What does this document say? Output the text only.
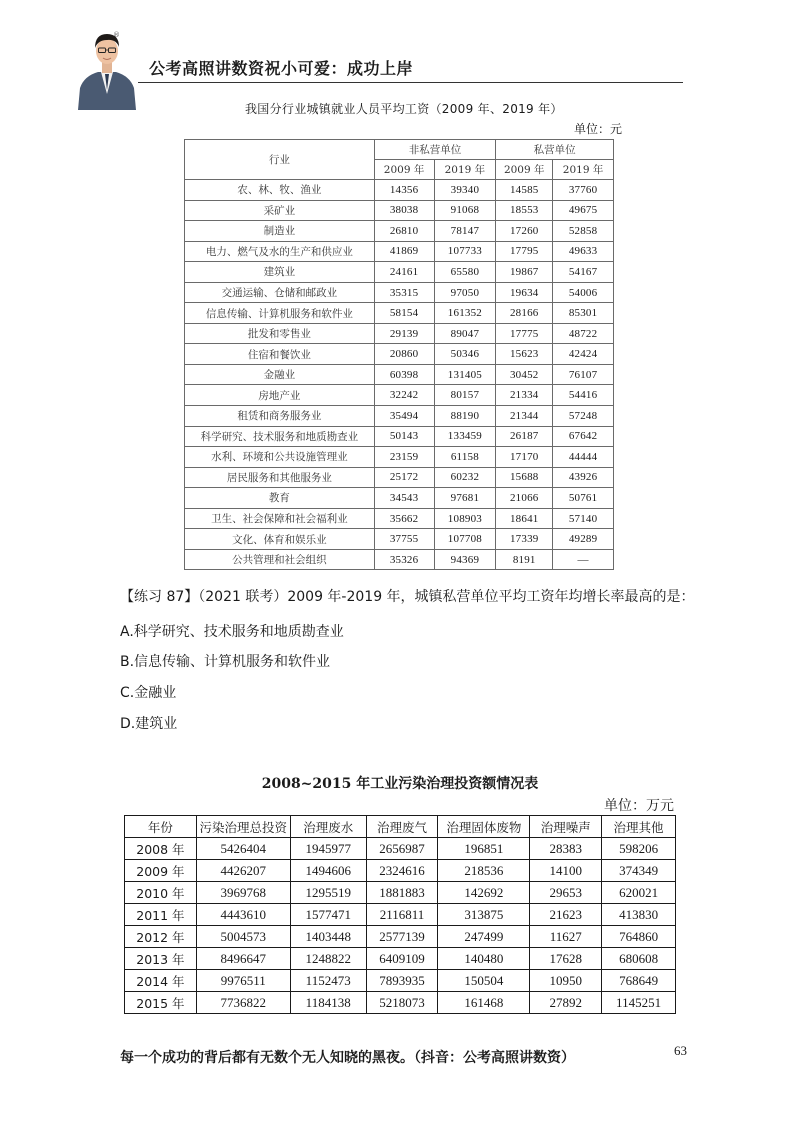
®
公考高照讲数资祝小可爱：成功上岸
我国分行业城镇就业人员平均工资（2009 年、2019 年）
单位：元
行业	非私营单位		私营单位	
	2009 年	2019 年	2009 年	2019 年
农、林、牧、渔业	14356	39340	14585	37760
采矿业	38038	91068	18553	49675
制造业	26810	78147	17260	52858
电力、燃气及水的生产和供应业	41869	107733	17795	49633
建筑业	24161	65580	19867	54167
交通运输、仓储和邮政业	35315	97050	19634	54006
信息传输、计算机服务和软件业	58154	161352	28166	85301
批发和零售业	29139	89047	17775	48722
住宿和餐饮业	20860	50346	15623	42424
金融业	60398	131405	30452	76107
房地产业	32242	80157	21334	54416
租赁和商务服务业	35494	88190	21344	57248
科学研究、技术服务和地质勘查业	50143	133459	26187	67642
水利、环境和公共设施管理业	23159	61158	17170	44444
居民服务和其他服务业	25172	60232	15688	43926
教育	34543	97681	21066	50761
卫生、社会保障和社会福利业	35662	108903	18641	57140
文化、体育和娱乐业	37755	107708	17339	49289
公共管理和社会组织	35326	94369	8191	—
【练习 87】（2021 联考）2009 年-2019 年，城镇私营单位平均工资年均增长率最高的是：
A.科学研究、技术服务和地质勘查业
B.信息传输、计算机服务和软件业
C.金融业
D.建筑业
2008~2015 年工业污染治理投资额情况表
单位：万元
年份	污染治理总投资	治理废水	治理废气	治理固体废物	治理噪声	治理其他
2008 年	5426404	1945977	2656987	196851	28383	598206
2009 年	4426207	1494606	2324616	218536	14100	374349
2010 年	3969768	1295519	1881883	142692	29653	620021
2011 年	4443610	1577471	2116811	313875	21623	413830
2012 年	5004573	1403448	2577139	247499	11627	764860
2013 年	8496647	1248822	6409109	140480	17628	680608
2014 年	9976511	1152473	7893935	150504	10950	768649
2015 年	7736822	1184138	5218073	161468	27892	1145251
每一个成功的背后都有无数个无人知晓的黑夜。（抖音：公考高照讲数资）	63
